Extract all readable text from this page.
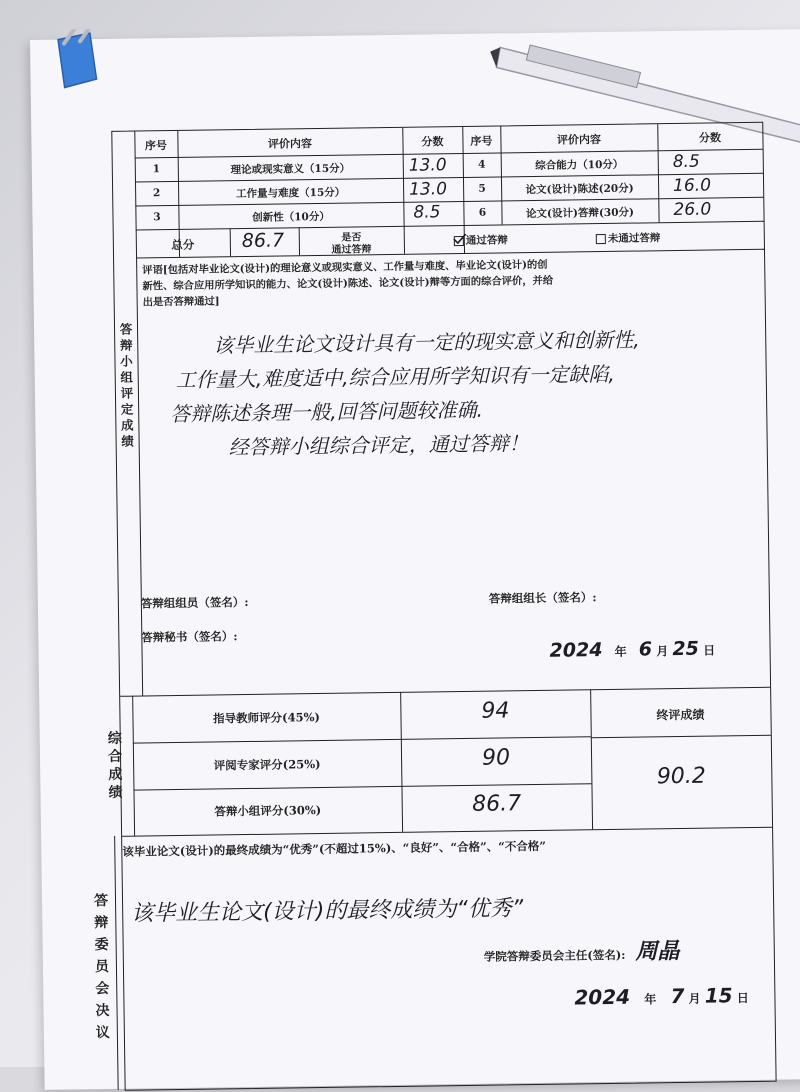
答辩小组评定成绩
序号	评价内容	分数	序号	评价内容	分数
1	理论或现实意义（15分）	13.0	4	综合能力（10分）	8.5
2	工作量与难度（15分）	13.0	5	论文(设计)陈述(20分)	16.0
3	创新性（10分）	8.5	6	论文(设计)答辩(30分)	26.0
总分	86.7	是否
通过答辩
通过答辩	未通过答辩
评语[包括对毕业论文(设计)的理论意义或现实意义、工作量与难度、毕业论文(设计)的创
新性、综合应用所学知识的能力、论文(设计)陈述、论文(设计)辩等方面的综合评价，并给
出是否答辩通过]
该毕业生论文设计具有一定的现实意义和创新性,
工作量大,难度适中,综合应用所学知识有一定缺陷,
答辩陈述条理一般,回答问题较准确.
经答辩小组综合评定，通过答辩！
答辩组组员（签名）:	答辩组组长（签名）:
答辩秘书（签名）:
2024 年 6 月 25 日
综合成绩
指导教师评分(45%)	94
评阅专家评分(25%)	90
答辩小组评分(30%)	86.7
终评成绩
90.2
答辩委员会决议
该毕业论文(设计)的最终成绩为“优秀”(不超过15%)、“良好”、“合格”、“不合格”
该毕业生论文(设计)的最终成绩为“优秀”
学院答辩委员会主任(签名): 周晶
2024 年 7 月 15 日
